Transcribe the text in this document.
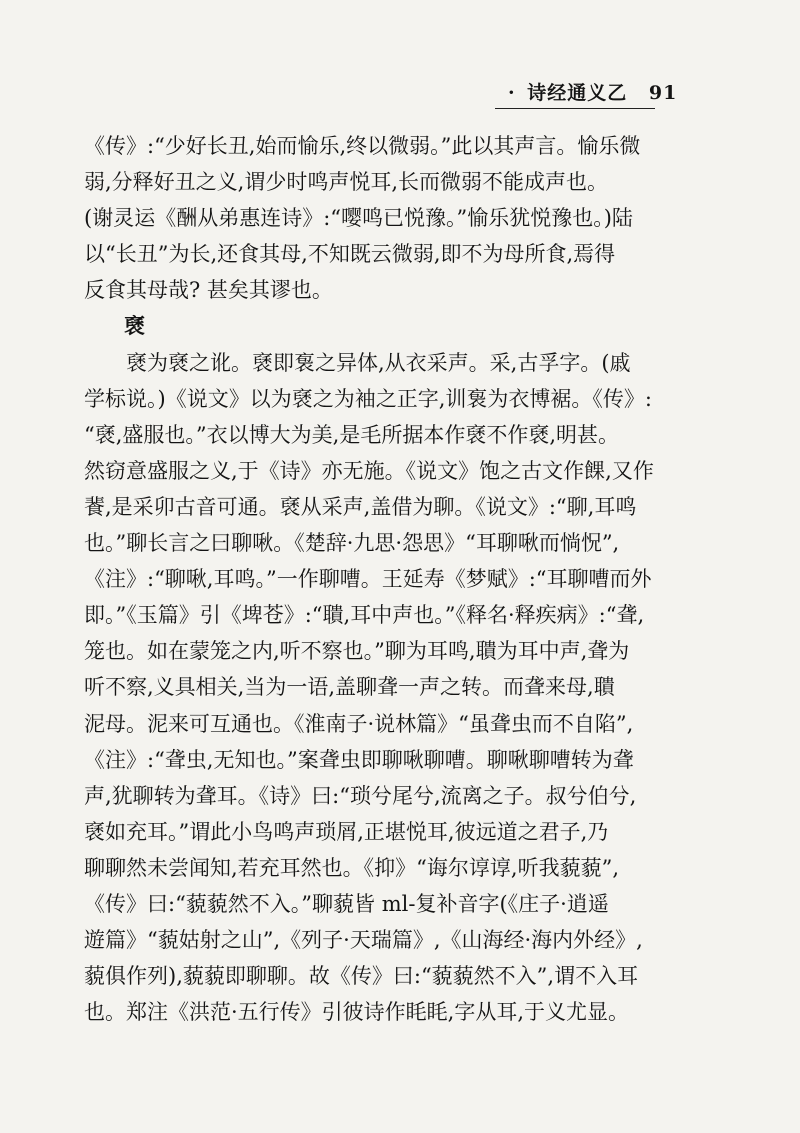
· 诗经通义乙 91
《传》:“少好长丑,始而愉乐,终以微弱。”此以其声言。愉乐微
弱,分释好丑之义,谓少时鸣声悦耳,长而微弱不能成声也。
(谢灵运《酬从弟惠连诗》:“嘤鸣已悦豫。”愉乐犹悦豫也。)陆
以“长丑”为长,还食其母,不知既云微弱,即不为母所食,焉得
反食其母哉? 甚矣其谬也。
褎
褎为褎之讹。褎即袌之异体,从衣采声。采,古孚字。(戚
学标说。)《说文》以为褎之为袖之正字,训袌为衣博裾。《传》:
“褎,盛服也。”衣以博大为美,是毛所据本作褎不作褎,明甚。
然窃意盛服之义,于《诗》亦无施。《说文》饱之古文作餜,又作
餥,是采卯古音可通。褎从采声,盖借为聊。《说文》:“聊,耳鸣
也。”聊长言之曰聊啾。《楚辞·九思·怨思》“耳聊啾而惝怳”,
《注》:“聊啾,耳鸣。”一作聊嘈。王延寿《梦赋》:“耳聊嘈而外
即。”《玉篇》引《埤苍》:“聵,耳中声也。”《释名·释疾病》:“聋,
笼也。如在蒙笼之内,听不察也。”聊为耳鸣,聵为耳中声,聋为
听不察,义具相关,当为一语,盖聊聋一声之转。而聋来母,聵
泥母。泥来可互通也。《淮南子·说林篇》“虽聋虫而不自陷”,
《注》:“聋虫,无知也。”案聋虫即聊啾聊嘈。聊啾聊嘈转为聋
声,犹聊转为聋耳。《诗》曰:“琐兮尾兮,流离之子。叔兮伯兮,
褎如充耳。”谓此小鸟鸣声琐屑,正堪悦耳,彼远道之君子,乃
聊聊然未尝闻知,若充耳然也。《抑》“诲尔谆谆,听我藐藐”,
《传》曰:“藐藐然不入。”聊藐皆 ml-复补音字(《庄子·逍遥
遊篇》“藐姑射之山”,《列子·天瑞篇》,《山海经·海内外经》,
藐俱作列),藐藐即聊聊。故《传》曰:“藐藐然不入”,谓不入耳
也。郑注《洪范·五行传》引彼诗作眊眊,字从耳,于义尤显。
